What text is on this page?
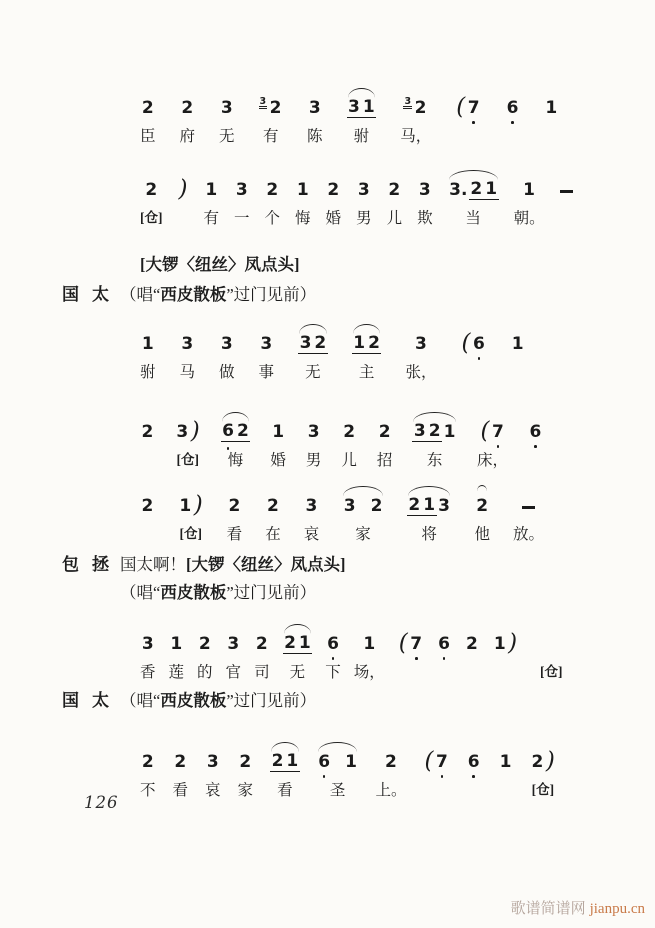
2
臣
2
府
3
无
3 2
有
3
陈
3 1
驸
3 2
马，
( 7 6 1
2
[仓]
) 1
有
3
一
2
个
1
悔
2
婚
3
男
2
儿
3
欺
3. 2 1
当
1
朝。
[大锣〈纽丝〉凤点头]
国太
（唱“西皮散板”过门见前）
1
驸
3
马
3
做
3
事
3 2
无
1 2
主
3
张，
( 6 1
2 3 )
[仓]
6 2
悔
1
婚
3
男
2
儿
2
招
3 2 1
东
( 7
床，
6
2 1 )
[仓]
2
看
2
在
3
哀
3 2
家
2 1 3
将
2
他 放。
包拯
国太啊！[大锣〈纽丝〉凤点头]
（唱“西皮散板”过门见前）
3
香
1
莲
2
的
3
官
2
司
2 1
无
6
下
1
场，
( 7 6 2 1 )
[仓]
国太
（唱“西皮散板”过门见前）
2
不
2
看
3
哀
2
家
2 1
看
6 1
圣
2
上。
( 7 6 1 2 )
[仓]
126
歌谱简谱网 jianpu.cn
